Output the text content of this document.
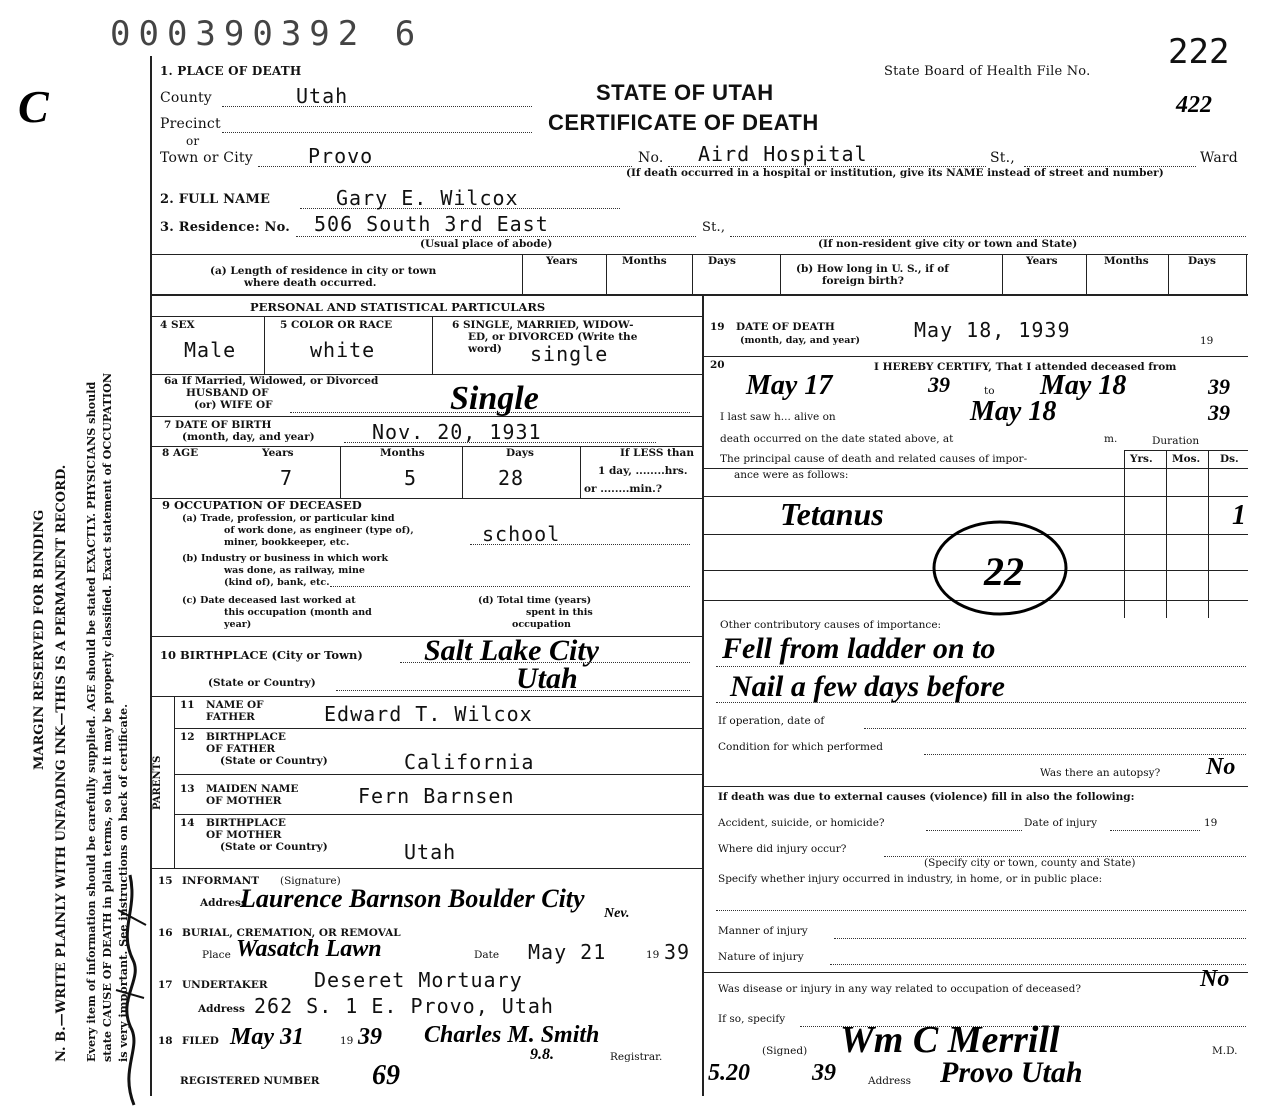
C
MARGIN RESERVED FOR BINDING N. B.—WRITE PLAINLY WITH UNFADING INK—THIS IS A PERMANENT RECORD. Every item of information should be carefully supplied. AGE should be stated EXACTLY. PHYSICIANS should state CAUSE OF DEATH in plain terms, so that it may be properly classified. Exact statement of OCCUPATION is very important. See instructions on back of certificate.
000390392 6
State Board of Health File No. 222
422
STATE OF UTAH
CERTIFICATE OF DEATH
1. PLACE OF DEATH
County	Utah
Precinct
or
Town or City	Provo	No. Aird Hospital	St.,	Ward
(If death occurred in a hospital or institution, give its NAME instead of street and number)
2. FULL NAME	Gary E. Wilcox
3. Residence: No. 506 South 3rd East	St.,
(Usual place of abode)	(If non-resident give city or town and State)
(a) Length of residence in city or town
where death occurred.
Years	Months	Days
(b) How long in U. S., if of
foreign birth?
Years	Months	Days
PERSONAL AND STATISTICAL PARTICULARS
4 SEX
Male
5 COLOR OR RACE
white
6 SINGLE, MARRIED, WIDOW-
ED, or DIVORCED (Write the
word) single
6a If Married, Widowed, or Divorced
HUSBAND OF
(or) WIFE OF	Single
7 DATE OF BIRTH
(month, day, and year)	Nov. 20, 1931
8 AGE	Years	Months	Days
7	5	28
If LESS than
1 day, ........hrs.
or ........min.?
9 OCCUPATION OF DECEASED
(a) Trade, profession, or particular kind
of work done, as engineer (type of),
miner, bookkeeper, etc.	school
(b) Industry or business in which work
was done, as railway, mine
(kind of), bank, etc.
(c) Date deceased last worked at
this occupation (month and
year)
(d) Total time (years)
spent in this
occupation
10 BIRTHPLACE (City or Town) Salt Lake City
(State or Country)	Utah
PARENTS
11 NAME OF
FATHER	Edward T. Wilcox
12 BIRTHPLACE
OF FATHER
(State or Country)	California
13 MAIDEN NAME
OF MOTHER	Fern Barnsen
14 BIRTHPLACE
OF MOTHER
(State or Country)	Utah
15 INFORMANT (Signature)
Address
Laurence Barnson Boulder City
Nev.
16 BURIAL, CREMATION, OR REMOVAL
Place Wasatch Lawn	Date May 21	19 39
17 UNDERTAKER Deseret Mortuary
Address 262 S. 1 E. Provo, Utah
18 FILED May 31	19 39 Charles M. Smith
9.8.	Registrar.
REGISTERED NUMBER 69
19 DATE OF DEATH
(month, day, and year)	May 18, 1939	19
20	I HEREBY CERTIFY, That I attended deceased from
May 17	39	to May 18	39
I last saw h... alive on	May 18	39
death occurred on the date stated above, at	m.	Duration
The principal cause of death and related causes of impor-
ance were as follows:
Yrs. Mos. Ds.
Tetanus	1
22
Other contributory causes of importance:
Fell from ladder on to
Nail a few days before
If operation, date of
Condition for which performed
Was there an autopsy? No
If death was due to external causes (violence) fill in also the following:
Accident, suicide, or homicide?	Date of injury	19
Where did injury occur?
(Specify city or town, county and State)
Specify whether injury occurred in industry, in home, or in public place:
Manner of injury
Nature of injury
Was disease or injury in any way related to occupation of deceased?	No
If so, specify
(Signed) Wm C Merrill	M.D.
5.20	39	Address Provo Utah
